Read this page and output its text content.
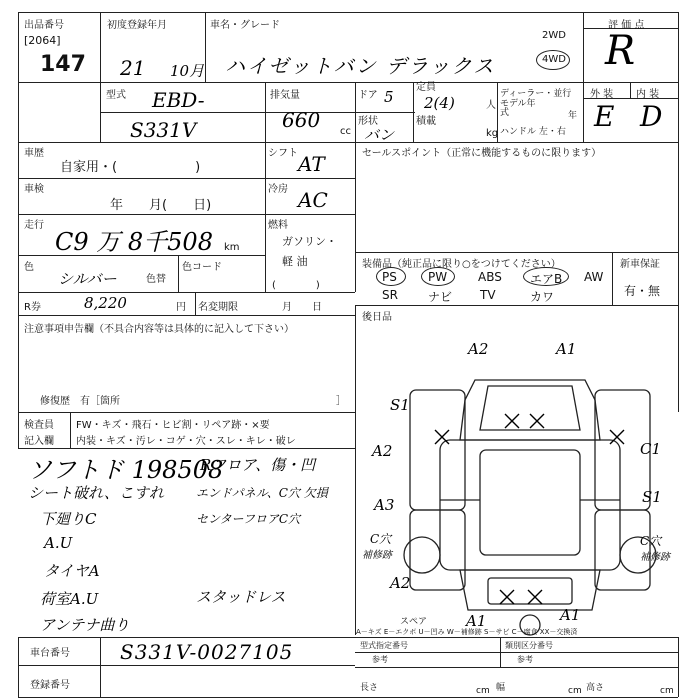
出品番号
[2064]
147
初度登録年月
21 10月
車名・グレード
ハイゼットバン デラックス
2WD
4WD
評 価 点
R
型式 EBD-
S331V
排気量
660 cc
ドア 5
形状
バン
定員
2(4)	人
積載
kg
ディーラー・並行
モデル年式	年
ハンドル 左・右
外 装 内 装
E D
車歴
自家用・(　　　　　　)
車検
年　　月(　　日)
走行
C9 万 8千508 km
色
シルバー	色替
色コード
R券	8,220	円 名変期限	月　　日
シフト AT
冷房 AC
燃料
ガソリン・軽 油
(　　　　)
セールスポイント（正常に機能するものに限ります）
装備品（純正品に限り○をつけてください）	新車保証
有・無
PS	PW	ABS エアB AW
SR	ナビ TV	カワ
後日品
注意事項申告欄（不具合内容等は具体的に記入して下さい）
修復歴　有［箇所	］
検査員
記入欄
FW・キズ・飛石・ヒビ割・リペア跡・×要
内装・キズ・汚レ・コゲ・穴・スレ・キレ・破レ
ソフトド 198508
シート破れ、こすれ
下廻りC
A.U
タイヤA
荷室A.U
アンテナ曲り
Rフロア、傷・凹
エンドパネル、C穴 欠損
センターフロアC穴
スタッドレス
A2	A1
S1
A2	C1
S1
A3
C穴
補修跡
C穴
補修跡
A2
A1	A1
スペア
A－キズ E－エクボ U－凹み W－補修跡 S－サビ C－腐食 XX－交換済
車台番号	S331V-0027105
登録番号
型式指定番号
参考
類別区分番号
参考
長さ	cm 幅	cm 高さ	cm
